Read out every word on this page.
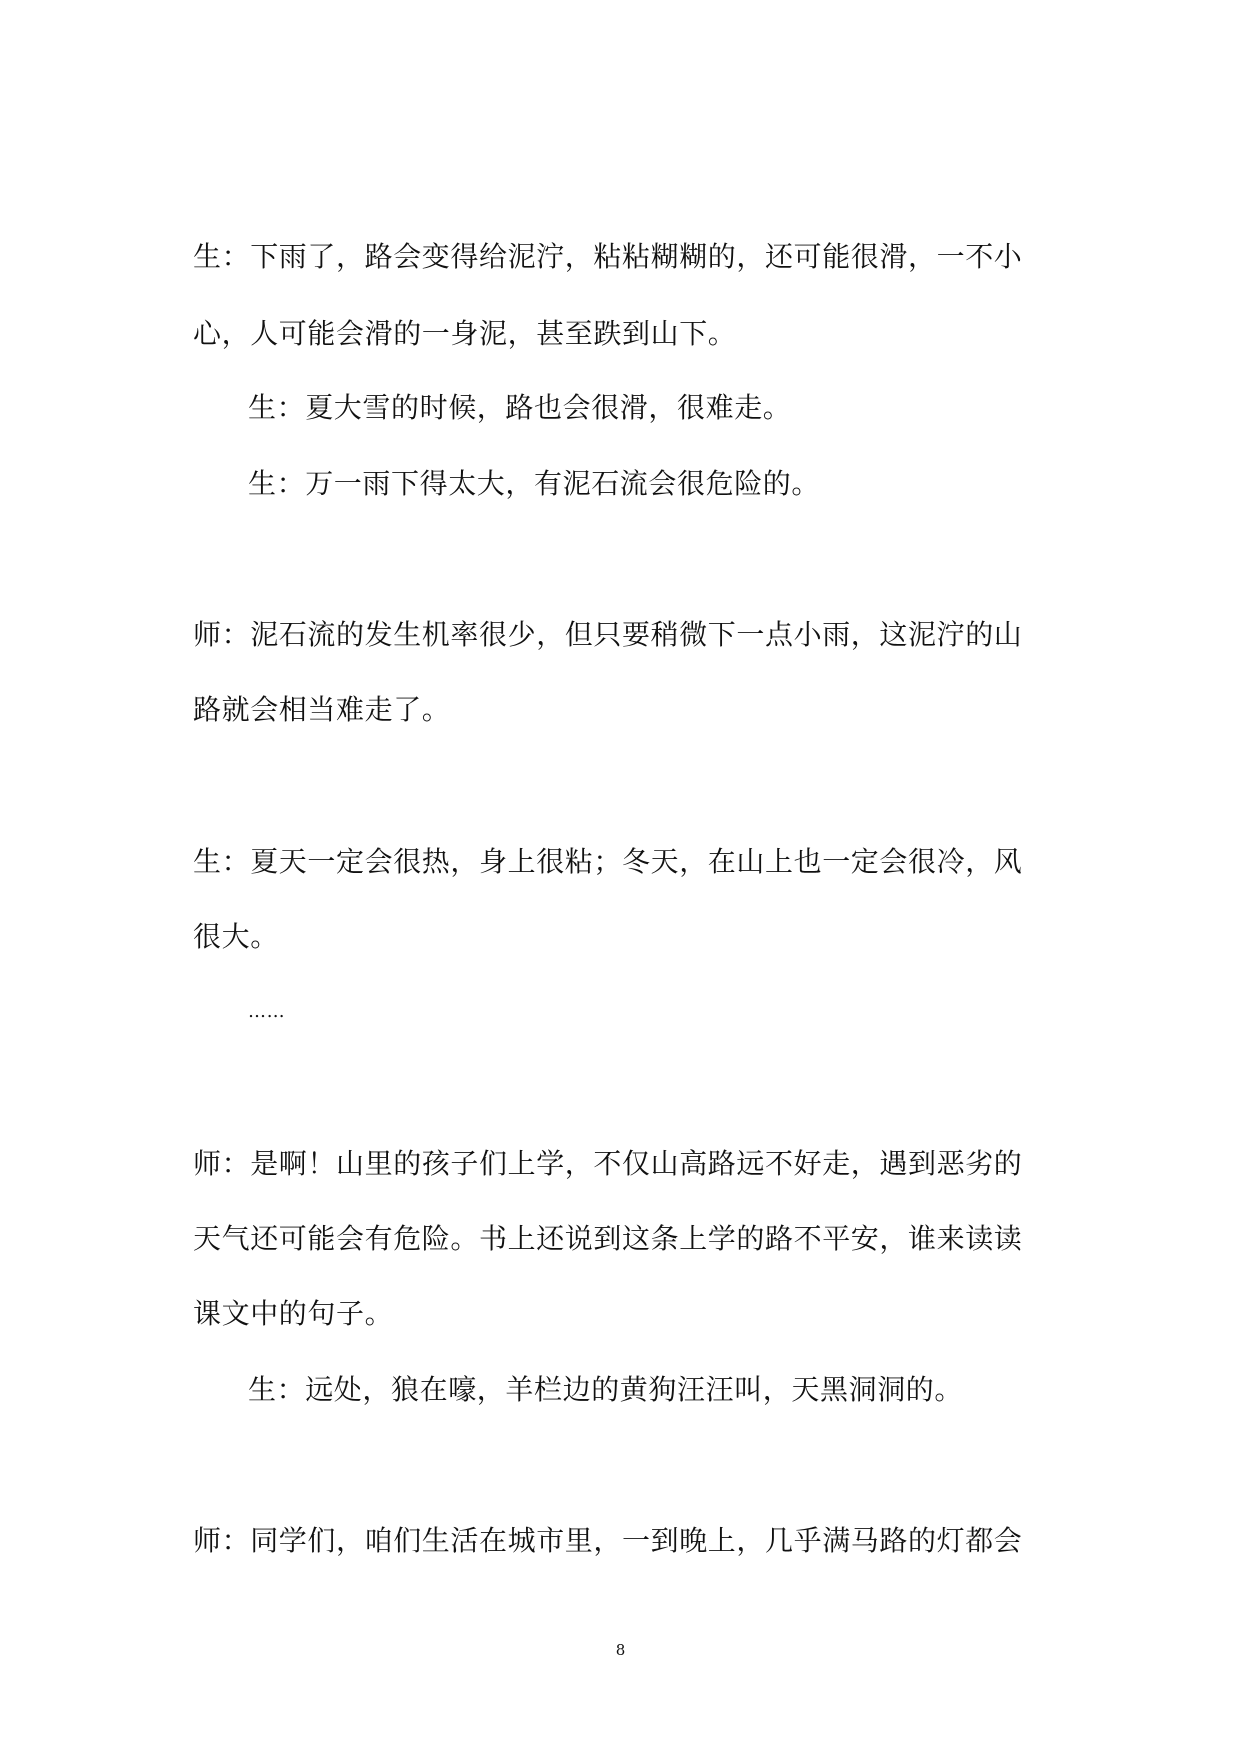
生：下雨了，路会变得给泥泞，粘粘糊糊的，还可能很滑，一不小
心，人可能会滑的一身泥，甚至跌到山下。
生：夏大雪的时候，路也会很滑，很难走。
生：万一雨下得太大，有泥石流会很危险的。
师：泥石流的发生机率很少，但只要稍微下一点小雨，这泥泞的山
路就会相当难走了。
生：夏天一定会很热，身上很粘；冬天，在山上也一定会很冷，风
很大。
……
师：是啊！山里的孩子们上学，不仅山高路远不好走，遇到恶劣的
天气还可能会有危险。书上还说到这条上学的路不平安，谁来读读
课文中的句子。
生：远处，狼在嚎，羊栏边的黄狗汪汪叫，天黑洞洞的。
师：同学们，咱们生活在城市里，一到晚上，几乎满马路的灯都会
8
